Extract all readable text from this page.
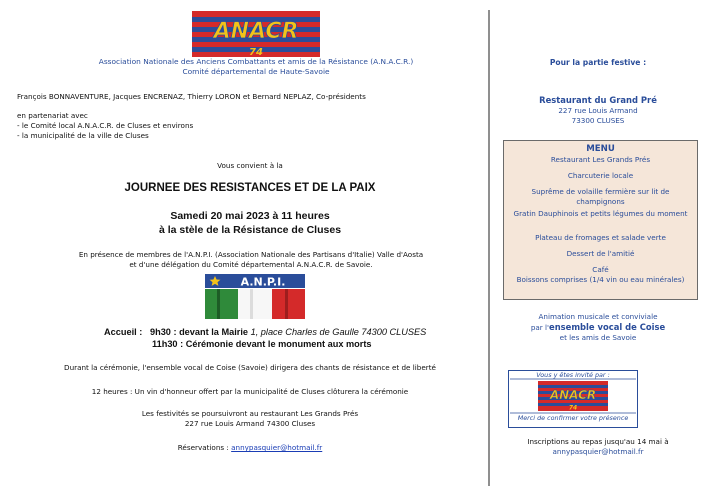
ANACR
74
Association Nationale des Anciens Combattants et amis de la Résistance (A.N.A.C.R.)
Comité départemental de Haute-Savoie
François BONNAVENTURE, Jacques ENCRENAZ, Thierry LORON et Bernard NEPLAZ, Co-présidents
en partenariat avec
- le Comité local A.N.A.C.R. de Cluses et environs
- la municipalité de la ville de Cluses
Vous convient à la
JOURNEE DES RESISTANCES ET DE LA PAIX
Samedi 20 mai 2023 à 11 heures
à la stèle de la Résistance de Cluses
En présence de membres de l'A.N.P.I. (Association Nationale des Partisans d'Italie) Valle d'Aosta
et d'une délégation du Comité départemental A.N.A.C.R. de Savoie.
A.N.P.I.
Accueil : 9h30 : devant la Mairie 1, place Charles de Gaulle 74300 CLUSES
11h30 : Cérémonie devant le monument aux morts
Durant la cérémonie, l'ensemble vocal de Coise (Savoie) dirigera des chants de résistance et de liberté
12 heures : Un vin d'honneur offert par la municipalité de Cluses clôturera la cérémonie
Les festivités se poursuivront au restaurant Les Grands Prés
227 rue Louis Armand 74300 Cluses
Réservations : annypasquier@hotmail.fr
Pour la partie festive :
Restaurant du Grand Pré
227 rue Louis Armand
73300 CLUSES
MENU
Restaurant Les Grands Prés
Charcuterie locale
Suprême de volaille fermière sur lit de champignons
Gratin Dauphinois et petits légumes du moment
Plateau de fromages et salade verte
Dessert de l'amitié
Café
Boissons comprises (1/4 vin ou eau minérales)
Animation musicale et conviviale
par l'ensemble vocal de Coise
et les amis de Savoie
ANACR
74
Vous y êtes invité par :
Merci de confirmer votre présence
Inscriptions au repas jusqu'au 14 mai à
annypasquier@hotmail.fr
